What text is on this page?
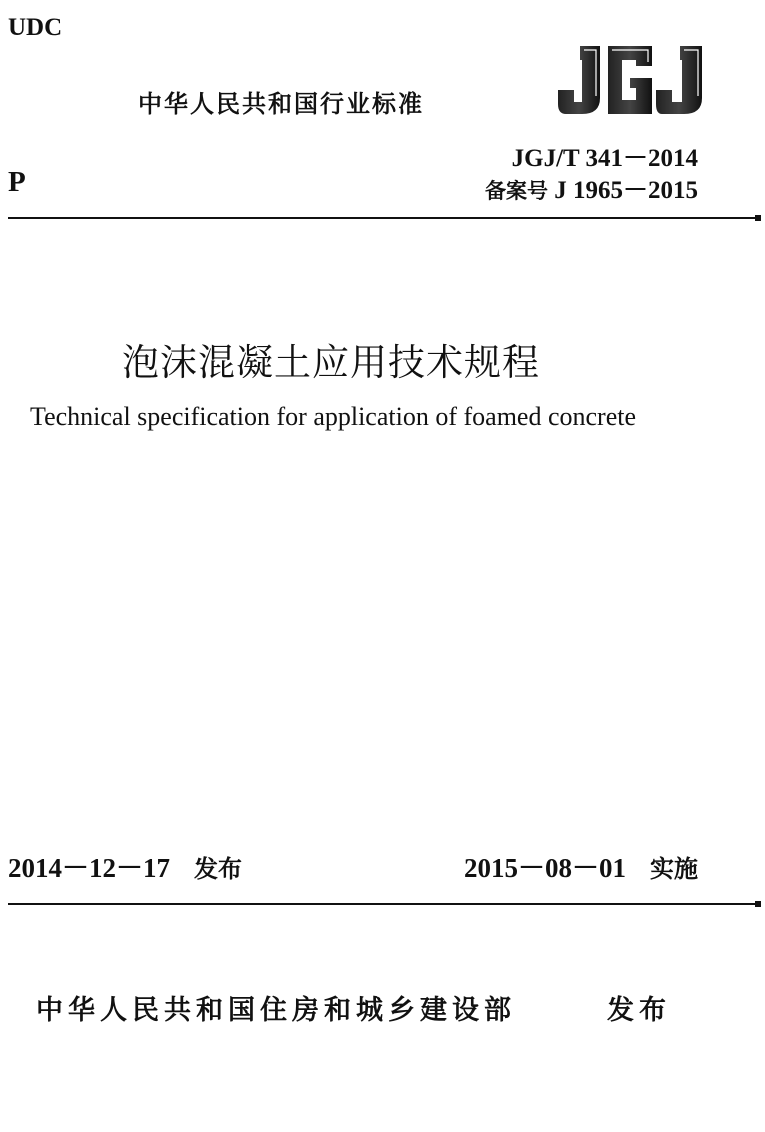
UDC
中华人民共和国行业标准
P
JGJ/T 341－2014
备案号 J 1965－2015
泡沫混凝土应用技术规程
Technical specification for application of foamed concrete
2014－12－17 发布	2015－08－01 实施
中华人民共和国住房和城乡建设部	发布
